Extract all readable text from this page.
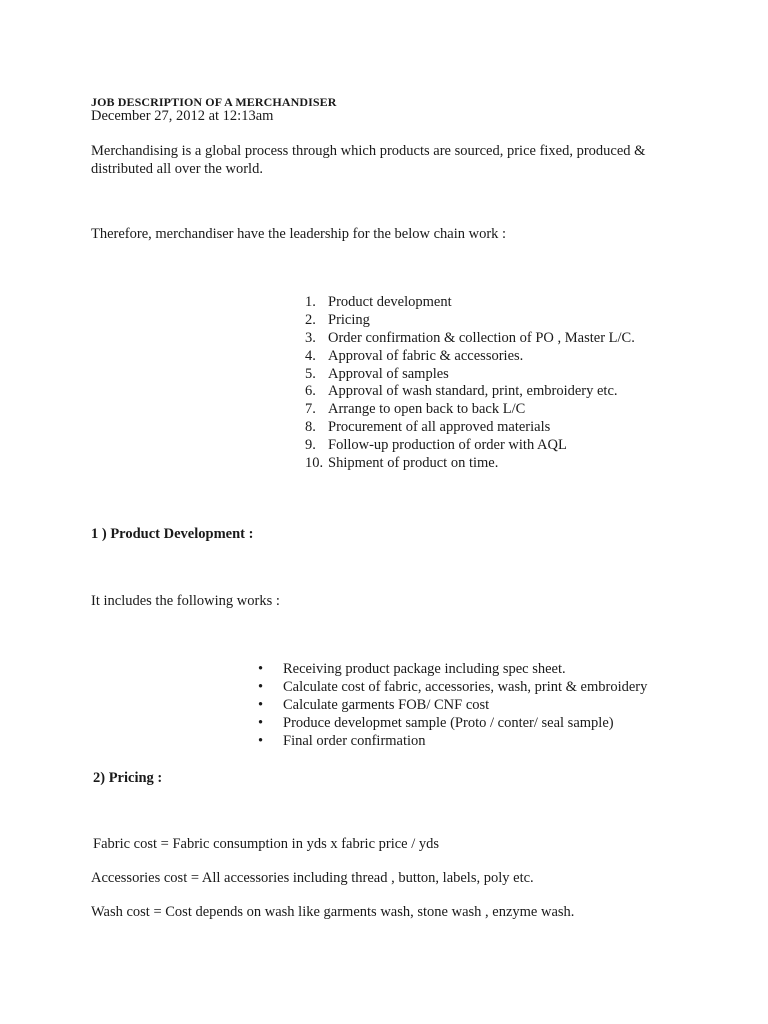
JOB DESCRIPTION OF A MERCHANDISER
December 27, 2012 at 12:13am
Merchandising is a global process through which products are sourced, price fixed, produced &
distributed all over the world.
Therefore, merchandiser have the leadership for the below chain work :
1. Product development
2. Pricing
3. Order confirmation & collection of PO , Master L/C.
4. Approval of fabric & accessories.
5. Approval of samples
6. Approval of wash standard, print, embroidery etc.
7. Arrange to open back to back L/C
8. Procurement of all approved materials
9. Follow-up production of order with AQL
10. Shipment of product on time.
1 ) Product Development :
It includes the following works :
• Receiving product package including spec sheet.
• Calculate cost of fabric, accessories, wash, print & embroidery
• Calculate garments FOB/ CNF cost
• Produce developmet sample (Proto / conter/ seal sample)
• Final order confirmation
2) Pricing :
Fabric cost = Fabric consumption in yds x fabric price / yds
Accessories cost = All accessories including thread , button, labels, poly etc.
Wash cost = Cost depends on wash like garments wash, stone wash , enzyme wash.
